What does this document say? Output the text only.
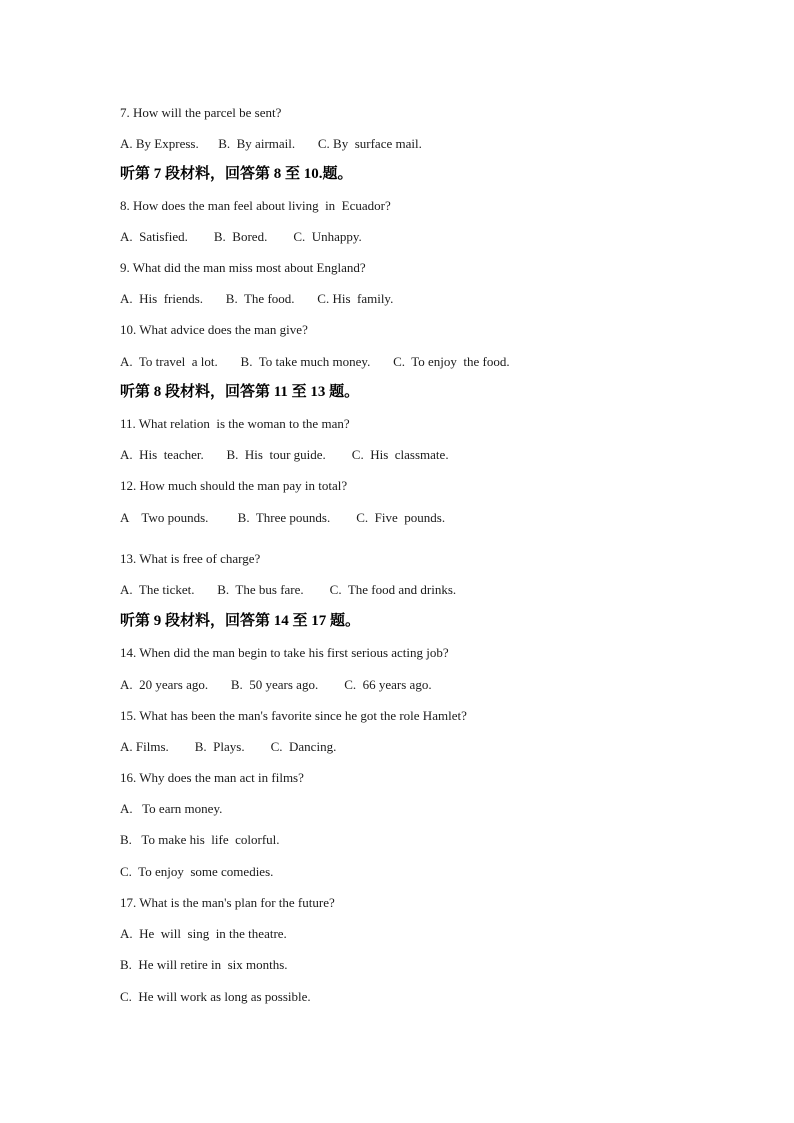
7. How will the parcel be sent?
A. By Express.      B.  By airmail.       C. By  surface mail.
听第 7 段材料，回答第 8 至 10.题。
8. How does the man feel about living  in  Ecuador?
A.  Satisfied.        B.  Bored.        C.  Unhappy.
9. What did the man miss most about England?
A.  His  friends.       B.  The food.       C. His  family.
10. What advice does the man give?
A.  To travel  a lot.       B.  To take much money.       C.  To enjoy  the food.
听第 8 段材料，回答第 11 至 13 题。
11. What relation  is the woman to the man?
A.  His  teacher.       B.  His  tour guide.        C.  His  classmate.
12. How much should the man pay in total?
A    Two pounds.         B.  Three pounds.        C.  Five  pounds.
13. What is free of charge?
A.  The ticket.       B.  The bus fare.        C.  The food and drinks.
听第 9 段材料，回答第 14 至 17 题。
14. When did the man begin to take his first serious acting job?
A.  20 years ago.       B.  50 years ago.        C.  66 years ago.
15. What has been the man's favorite since he got the role Hamlet?
A. Films.        B.  Plays.        C.  Dancing.
16. Why does the man act in films?
A.   To earn money.
B.   To make his  life  colorful.
C.  To enjoy  some comedies.
17. What is the man's plan for the future?
A.  He  will  sing  in the theatre.
B.  He will retire in  six months.
C.  He will work as long as possible.
